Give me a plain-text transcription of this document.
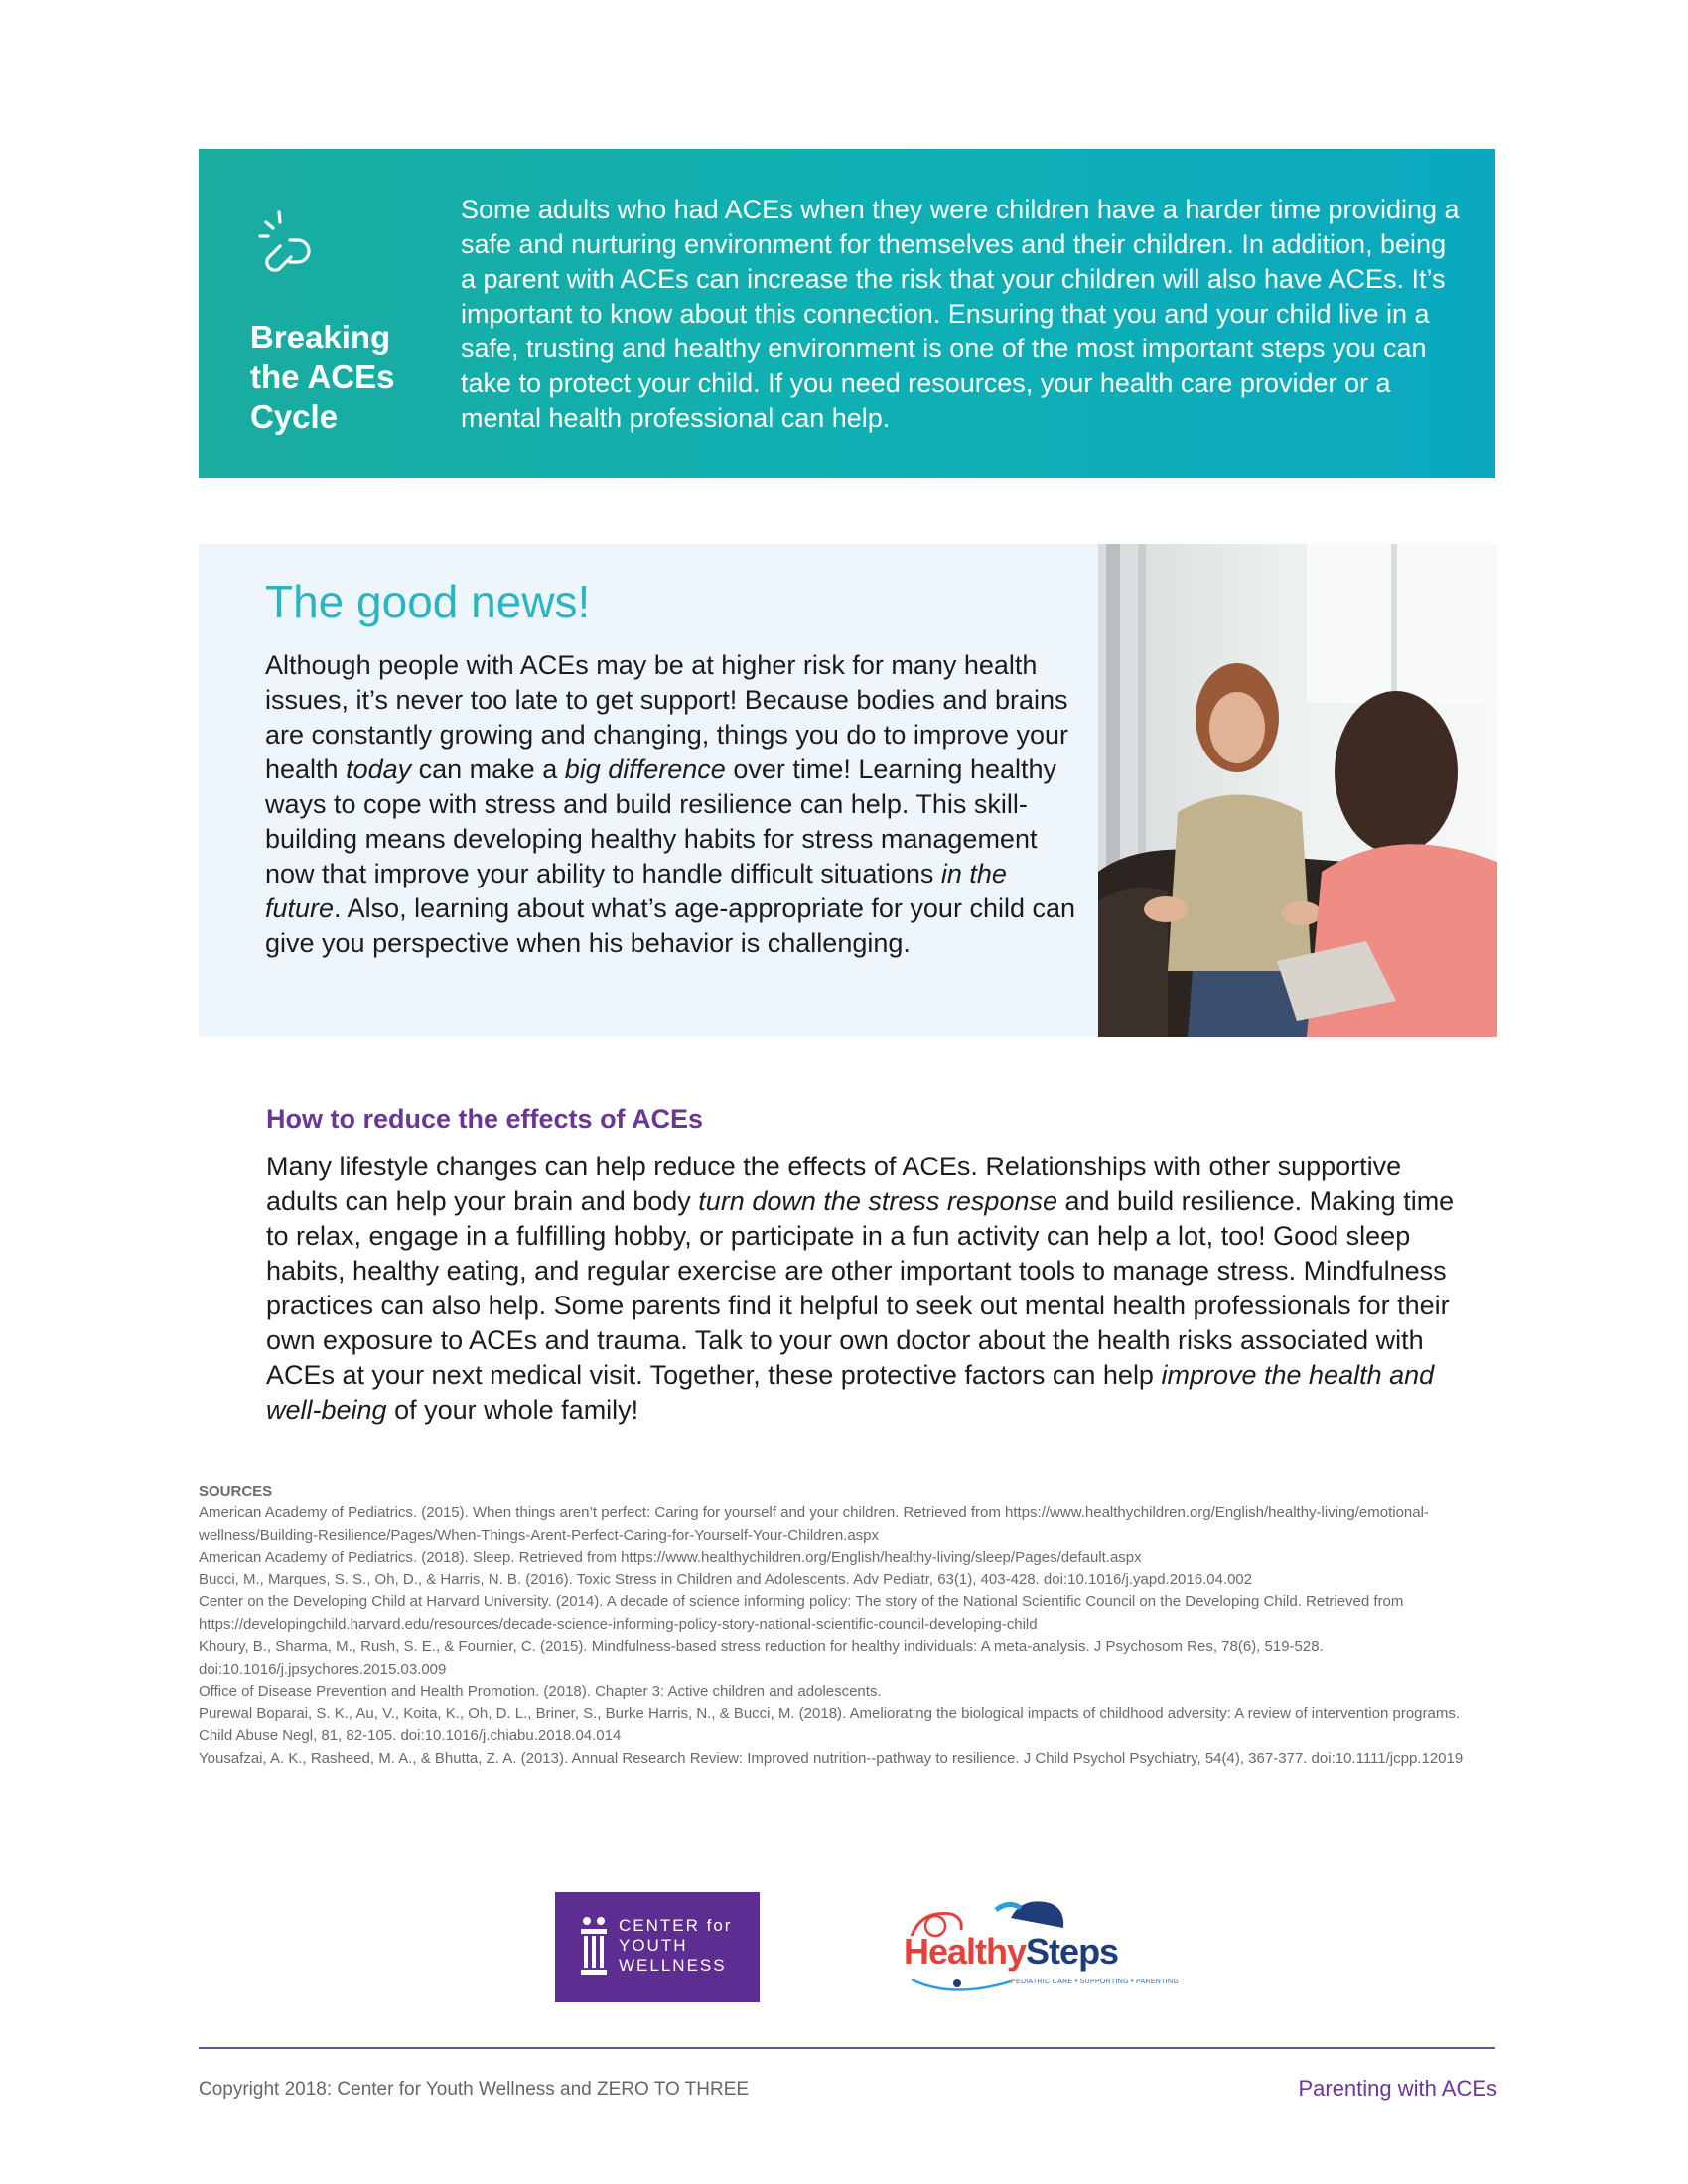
Breaking
the ACEs
Cycle
Some adults who had ACEs when they were children have a harder time providing a safe and nurturing environment for themselves and their children. In addition, being a parent with ACEs can increase the risk that your children will also have ACEs. It’s important to know about this connection. Ensuring that you and your child live in a safe, trusting and healthy environment is one of the most important steps you can take to protect your child. If you need resources, your health care provider or a mental health professional can help.
The good news!
Although people with ACEs may be at higher risk for many health issues, it’s never too late to get support! Because bodies and brains are constantly growing and changing, things you do to improve your health today can make a big difference over time! Learning healthy ways to cope with stress and build resilience can help. This skill-building means developing healthy habits for stress management now that improve your ability to handle difficult situations in the future. Also, learning about what’s age-appropriate for your child can give you perspective when his behavior is challenging.
How to reduce the effects of ACEs
Many lifestyle changes can help reduce the effects of ACEs. Relationships with other supportive adults can help your brain and body turn down the stress response and build resilience. Making time to relax, engage in a fulfilling hobby, or participate in a fun activity can help a lot, too! Good sleep habits, healthy eating, and regular exercise are other important tools to manage stress. Mindfulness practices can also help. Some parents find it helpful to seek out mental health professionals for their own exposure to ACEs and trauma. Talk to your own doctor about the health risks associated with ACEs at your next medical visit. Together, these protective factors can help improve the health and well-being of your whole family!
SOURCES
American Academy of Pediatrics. (2015). When things aren’t perfect: Caring for yourself and your children. Retrieved from https://www.healthychildren.org/English/healthy-living/emotional-wellness/Building-Resilience/Pages/When-Things-Arent-Perfect-Caring-for-Yourself-Your-Children.aspx
American Academy of Pediatrics. (2018). Sleep. Retrieved from https://www.healthychildren.org/English/healthy-living/sleep/Pages/default.aspx
Bucci, M., Marques, S. S., Oh, D., & Harris, N. B. (2016). Toxic Stress in Children and Adolescents. Adv Pediatr, 63(1), 403-428. doi:10.1016/j.yapd.2016.04.002
Center on the Developing Child at Harvard University. (2014). A decade of science informing policy: The story of the National Scientific Council on the Developing Child. Retrieved from https://developingchild.harvard.edu/resources/decade-science-informing-policy-story-national-scientific-council-developing-child
Khoury, B., Sharma, M., Rush, S. E., & Fournier, C. (2015). Mindfulness-based stress reduction for healthy individuals: A meta-analysis. J Psychosom Res, 78(6), 519-528. doi:10.1016/j.jpsychores.2015.03.009
Office of Disease Prevention and Health Promotion. (2018). Chapter 3: Active children and adolescents.
Purewal Boparai, S. K., Au, V., Koita, K., Oh, D. L., Briner, S., Burke Harris, N., & Bucci, M. (2018). Ameliorating the biological impacts of childhood adversity: A review of intervention programs. Child Abuse Negl, 81, 82-105. doi:10.1016/j.chiabu.2018.04.014
Yousafzai, A. K., Rasheed, M. A., & Bhutta, Z. A. (2013). Annual Research Review: Improved nutrition--pathway to resilience. J Child Psychol Psychiatry, 54(4), 367-377. doi:10.1111/jcpp.12019
CENTER for
YOUTH
WELLNESS	HealthySteps
PEDIATRIC CARE • SUPPORTING • PARENTING
Copyright 2018: Center for Youth Wellness and ZERO TO THREE	Parenting with ACEs
